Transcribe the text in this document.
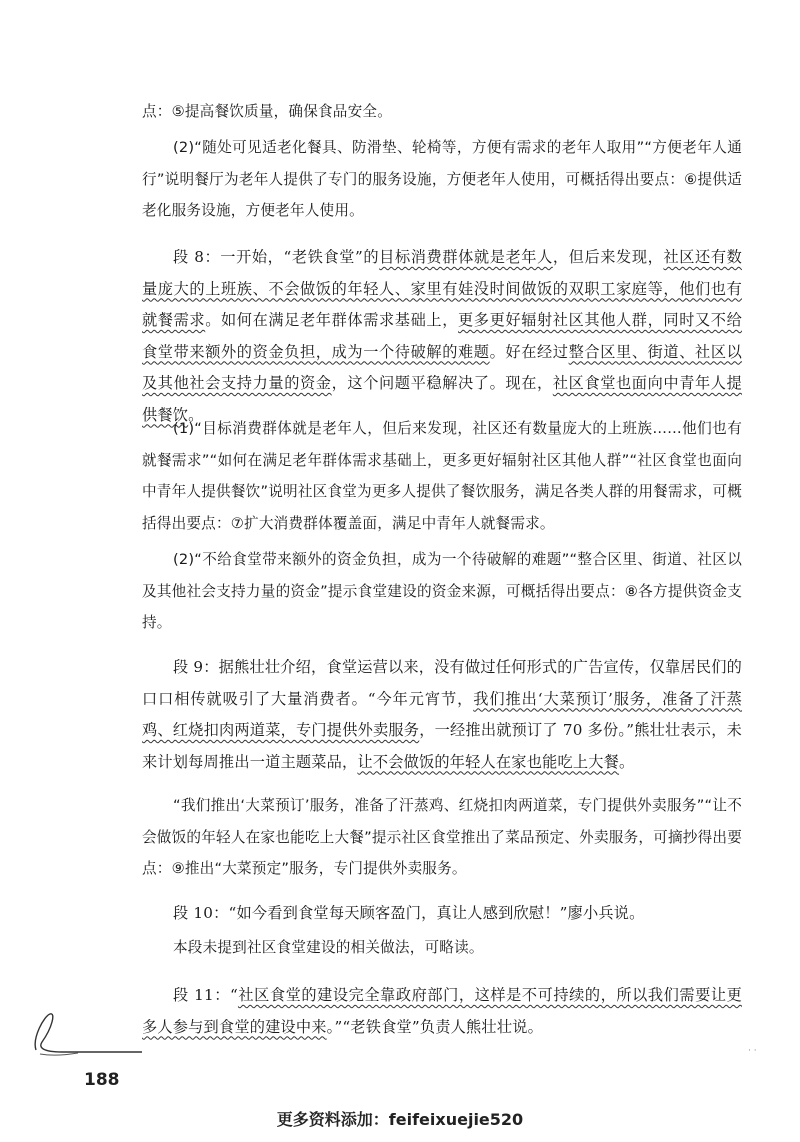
点：⑤提高餐饮质量，确保食品安全。
(2)“随处可见适老化餐具、防滑垫、轮椅等，方便有需求的老年人取用”“方便老年人通行”说明餐厅为老年人提供了专门的服务设施，方便老年人使用，可概括得出要点：⑥提供适老化服务设施，方便老年人使用。
段 8：一开始，“老铁食堂”的目标消费群体就是老年人，但后来发现，社区还有数量庞大的上班族、不会做饭的年轻人、家里有娃没时间做饭的双职工家庭等，他们也有就餐需求。如何在满足老年群体需求基础上，更多更好辐射社区其他人群，同时又不给食堂带来额外的资金负担，成为一个待破解的难题。好在经过整合区里、街道、社区以及其他社会支持力量的资金，这个问题平稳解决了。现在，社区食堂也面向中青年人提供餐饮。
(1)“目标消费群体就是老年人，但后来发现，社区还有数量庞大的上班族……他们也有就餐需求”“如何在满足老年群体需求基础上，更多更好辐射社区其他人群”“社区食堂也面向中青年人提供餐饮”说明社区食堂为更多人提供了餐饮服务，满足各类人群的用餐需求，可概括得出要点：⑦扩大消费群体覆盖面，满足中青年人就餐需求。
(2)“不给食堂带来额外的资金负担，成为一个待破解的难题”“整合区里、街道、社区以及其他社会支持力量的资金”提示食堂建设的资金来源，可概括得出要点：⑧各方提供资金支持。
段 9：据熊壮壮介绍，食堂运营以来，没有做过任何形式的广告宣传，仅靠居民们的口口相传就吸引了大量消费者。“今年元宵节，我们推出‘大菜预订’服务，准备了汗蒸鸡、红烧扣肉两道菜，专门提供外卖服务，一经推出就预订了 70 多份。”熊壮壮表示，未来计划每周推出一道主题菜品，让不会做饭的年轻人在家也能吃上大餐。
“我们推出‘大菜预订’服务，准备了汗蒸鸡、红烧扣肉两道菜，专门提供外卖服务”“让不会做饭的年轻人在家也能吃上大餐”提示社区食堂推出了菜品预定、外卖服务，可摘抄得出要点：⑨推出“大菜预定”服务，专门提供外卖服务。
段 10：“如今看到食堂每天顾客盈门，真让人感到欣慰！”廖小兵说。
本段未提到社区食堂建设的相关做法，可略读。
段 11：“社区食堂的建设完全靠政府部门，这样是不可持续的，所以我们需要让更多人参与到食堂的建设中来。”“老铁食堂”负责人熊壮壮说。
· ·
188
更多资料添加：feifeixuejie520
